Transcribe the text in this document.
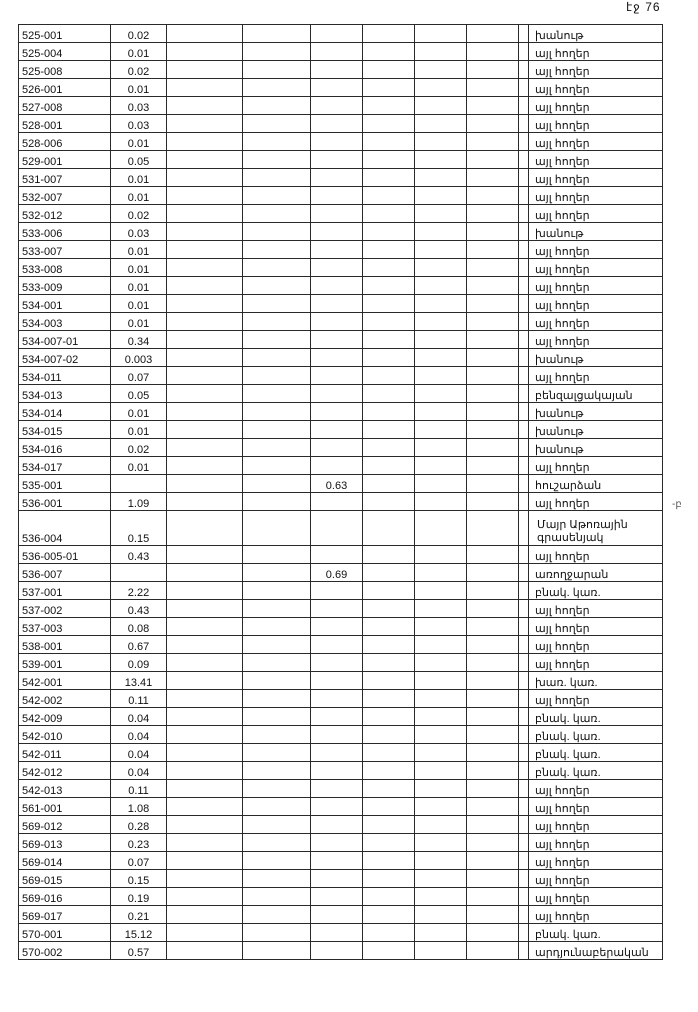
էջ 76
-բ
525-001	0.02								խանութ
525-004	0.01								այլ հողեր
525-008	0.02								այլ հողեր
526-001	0.01								այլ հողեր
527-008	0.03								այլ հողեր
528-001	0.03								այլ հողեր
528-006	0.01								այլ հողեր
529-001	0.05								այլ հողեր
531-007	0.01								այլ հողեր
532-007	0.01								այլ հողեր
532-012	0.02								այլ հողեր
533-006	0.03								խանութ
533-007	0.01								այլ հողեր
533-008	0.01								այլ հողեր
533-009	0.01								այլ հողեր
534-001	0.01								այլ հողեր
534-003	0.01								այլ հողեր
534-007-01	0.34								այլ հողեր
534-007-02	0.003								խանութ
534-011	0.07								այլ հողեր
534-013	0.05								բենզալցակայան
534-014	0.01								խանութ
534-015	0.01								խանութ
534-016	0.02								խանութ
534-017	0.01								այլ հողեր
535-001				0.63					հուշարձան
536-001	1.09								այլ հողեր
536-004	0.15								Մայր Աթոռային գրասենյակ
536-005-01	0.43								այլ հողեր
536-007				0.69					առողջարան
537-001	2.22								բնակ. կառ.
537-002	0.43								այլ հողեր
537-003	0.08								այլ հողեր
538-001	0.67								այլ հողեր
539-001	0.09								այլ հողեր
542-001	13.41								խառ. կառ.
542-002	0.11								այլ հողեր
542-009	0.04								բնակ. կառ.
542-010	0.04								բնակ. կառ.
542-011	0.04								բնակ. կառ.
542-012	0.04								բնակ. կառ.
542-013	0.11								այլ հողեր
561-001	1.08								այլ հողեր
569-012	0.28								այլ հողեր
569-013	0.23								այլ հողեր
569-014	0.07								այլ հողեր
569-015	0.15								այլ հողեր
569-016	0.19								այլ հողեր
569-017	0.21								այլ հողեր
570-001	15.12								բնակ. կառ.
570-002	0.57								արդյունաբերական
